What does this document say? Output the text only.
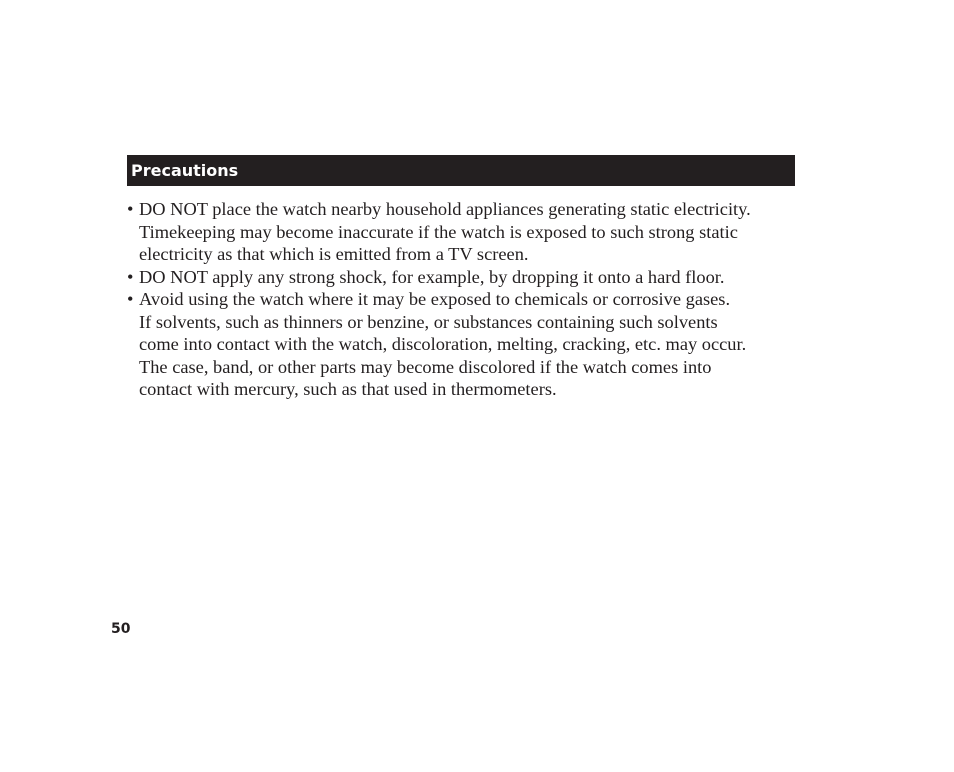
Precautions
• DO NOT place the watch nearby household appliances generating static electricity.
Timekeeping may become inaccurate if the watch is exposed to such strong static
electricity as that which is emitted from a TV screen.
• DO NOT apply any strong shock, for example, by dropping it onto a hard floor.
• Avoid using the watch where it may be exposed to chemicals or corrosive gases.
If solvents, such as thinners or benzine, or substances containing such solvents
come into contact with the watch, discoloration, melting, cracking, etc. may occur.
The case, band, or other parts may become discolored if the watch comes into
contact with mercury, such as that used in thermometers.
50
